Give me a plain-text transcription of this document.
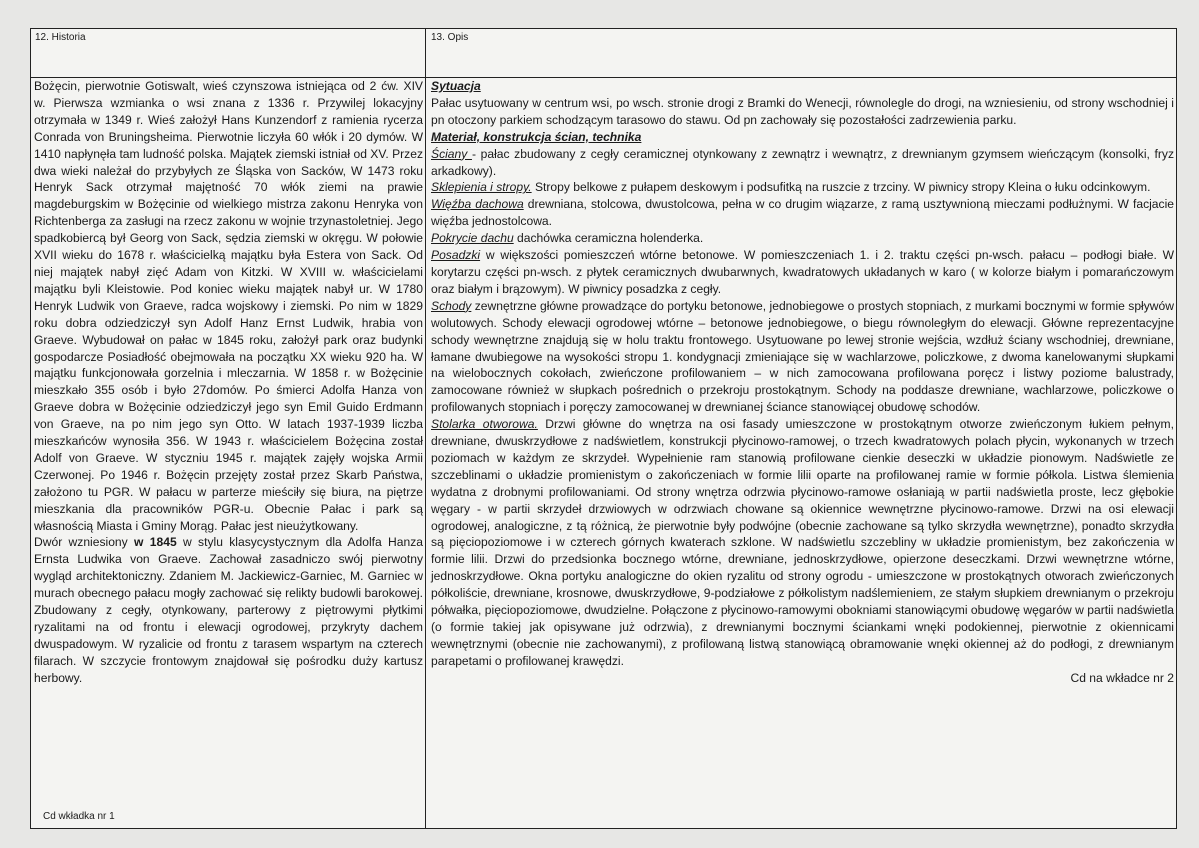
12. Historia	13. Opis

Bożęcin, pierwotnie Gotiswalt, wieś czynszowa istniejąca od 2 ćw. XIV w. Pierwsza wzmianka o wsi znana z 1336 r. Przywilej lokacyjny otrzymała w 1349 r. Wieś założył Hans Kunzendorf z ramienia rycerza Conrada von Bruningsheima. Pierwotnie liczyła 60 włók i 20 dymów. W 1410 napłynęła tam ludność polska. Majątek ziemski istniał od XV. Przez dwa wieki należał do przybyłych ze Śląska von Sacków, W 1473 roku Henryk Sack otrzymał majętność 70 włók ziemi na prawie magdeburgskim w Bożęcinie od wielkiego mistrza zakonu Henryka von Richtenberga za zasługi na rzecz zakonu w wojnie trzynastoletniej. Jego spadkobiercą był Georg von Sack, sędzia ziemski w okręgu. W połowie XVII wieku do 1678 r. właścicielką majątku była Estera von Sack. Od niej majątek nabył zięć Adam von Kitzki. W XVIII w. właścicielami majątku byli Kleistowie. Pod koniec wieku majątek nabył ur. W 1780 Henryk Ludwik von Graeve, radca wojskowy i ziemski. Po nim w 1829 roku dobra odziedziczył syn Adolf Hanz Ernst Ludwik, hrabia von Graeve. Wybudował on pałac w 1845 roku, założył park oraz budynki gospodarcze Posiadłość obejmowała na początku XX wieku 920 ha. W majątku funkcjonowała gorzelnia i mleczarnia. W 1858 r. w Bożęcinie mieszkało 355 osób i było 27domów. Po śmierci Adolfa Hanza von Graeve dobra w Bożęcinie odziedziczył jego syn Emil Guido Erdmann von Graeve, na po nim jego syn Otto. W latach 1937-1939 liczba mieszkańców wynosiła 356. W 1943 r. właścicielem Bożęcina został Adolf von Graeve. W styczniu 1945 r. majątek zajęły wojska Armii Czerwonej. Po 1946 r. Bożęcin przejęty został przez Skarb Państwa, założono tu PGR. W pałacu w parterze mieściły się biura, na piętrze mieszkania dla pracowników PGR-u. Obecnie Pałac i park są własnością Miasta i Gminy Morąg. Pałac jest nieużytkowany.

Dwór wzniesiony w 1845 w stylu klasycystycznym dla Adolfa Hanza Ernsta Ludwika von Graeve. Zachował zasadniczo swój pierwotny wygląd architektoniczny. Zdaniem M. Jackiewicz-Garniec, M. Garniec w murach obecnego pałacu mogły zachować się relikty budowli barokowej. Zbudowany z cegły, otynkowany, parterowy z piętrowymi płytkimi ryzalitami na od frontu i elewacji ogrodowej, przykryty dachem dwuspadowym. W ryzalicie od frontu z tarasem wspartym na czterech filarach. W szczycie frontowym znajdował się pośrodku duży kartusz herbowy.

Cd wkładka nr 1

Sytuacja

Pałac usytuowany w centrum wsi, po wsch. stronie drogi z Bramki do Wenecji, równolegle do drogi, na wzniesieniu, od strony wschodniej i pn otoczony parkiem schodzącym tarasowo do stawu. Od pn zachowały się pozostałości zadrzewienia parku.

Materiał, konstrukcja ścian, technika

Ściany - pałac zbudowany z cegły ceramicznej otynkowany z zewnątrz i wewnątrz, z drewnianym gzymsem wieńczącym (konsolki, fryz arkadkowy).

Sklepienia i stropy. Stropy belkowe z pułapem deskowym i podsufitką na ruszcie z trzciny. W piwnicy stropy Kleina o łuku odcinkowym.

Więźba dachowa drewniana, stolcowa, dwustolcowa, pełna w co drugim wiązarze, z ramą usztywnioną mieczami podłużnymi. W facjacie więźba jednostolcowa.

Pokrycie dachu dachówka ceramiczna holenderka.

Posadzki w większości pomieszczeń wtórne betonowe. W pomieszczeniach 1. i 2. traktu części pn-wsch. pałacu – podłogi białe. W korytarzu części pn-wsch. z płytek ceramicznych dwubarwnych, kwadratowych układanych w karo ( w kolorze białym i pomarańczowym oraz białym i brązowym). W piwnicy posadzka z cegły.

Schody zewnętrzne główne prowadzące do portyku betonowe, jednobiegowe o prostych stopniach, z murkami bocznymi w formie spływów wolutowych. Schody elewacji ogrodowej wtórne – betonowe jednobiegowe, o biegu równoległym do elewacji. Główne reprezentacyjne schody wewnętrzne znajdują się w holu traktu frontowego. Usytuowane po lewej stronie wejścia, wzdłuż ściany wschodniej, drewniane, łamane dwubiegowe na wysokości stropu 1. kondygnacji zmieniające się w wachlarzowe, policzkowe, z dwoma kanelowanymi słupkami na wielobocznych cokołach, zwieńczone profilowaniem – w nich zamocowana profilowana poręcz i listwy poziome balustrady, zamocowane również w słupkach pośrednich o przekroju prostokątnym. Schody na poddasze drewniane, wachlarzowe, policzkowe o profilowanych stopniach i poręczy zamocowanej w drewnianej ściance stanowiącej obudowę schodów.

Stolarka otworowa. Drzwi główne do wnętrza na osi fasady umieszczone w prostokątnym otworze zwieńczonym łukiem pełnym, drewniane, dwuskrzydłowe z nadświetlem, konstrukcji płycinowo-ramowej, o trzech kwadratowych polach płycin, wykonanych w trzech poziomach w każdym ze skrzydeł. Wypełnienie ram stanowią profilowane cienkie deseczki w układzie pionowym. Nadświetle ze szczeblinami o układzie promienistym o zakończeniach w formie lilii oparte na profilowanej ramie w formie półkola. Listwa ślemienia wydatna z drobnymi profilowaniami. Od strony wnętrza odrzwia płycinowo-ramowe osłaniają w partii nadświetla proste, lecz głębokie węgary - w partii skrzydeł drzwiowych w odrzwiach chowane są okiennice wewnętrzne płycinowo-ramowe. Drzwi na osi elewacji ogrodowej, analogiczne, z tą różnicą, że pierwotnie były podwójne (obecnie zachowane są tylko skrzydła wewnętrzne), ponadto skrzydła są pięciopoziomowe i w czterech górnych kwaterach szklone. W nadświetlu szczebliny w układzie promienistym, bez zakończenia w formie lilii. Drzwi do przedsionka bocznego wtórne, drewniane, jednoskrzydłowe, opierzone deseczkami. Drzwi wewnętrzne wtórne, jednoskrzydłowe. Okna portyku analogiczne do okien ryzalitu od strony ogrodu - umieszczone w prostokątnych otworach zwieńczonych półkoliście, drewniane, krosnowe, dwuskrzydłowe, 9-podziałowe z półkolistym nadślemieniem, ze stałym słupkiem drewnianym o przekroju półwałka, pięciopoziomowe, dwudzielne. Połączone z płycinowo-ramowymi obokniami stanowiącymi obudowę węgarów w partii nadświetla (o formie takiej jak opisywane już odrzwia), z drewnianymi bocznymi ściankami wnęki podokiennej, pierwotnie z okiennicami wewnętrznymi (obecnie nie zachowanymi), z profilowaną listwą stanowiącą obramowanie wnęki okiennej aż do podłogi, z drewnianym parapetami o profilowanej krawędzi.

Cd na wkładce nr 2
